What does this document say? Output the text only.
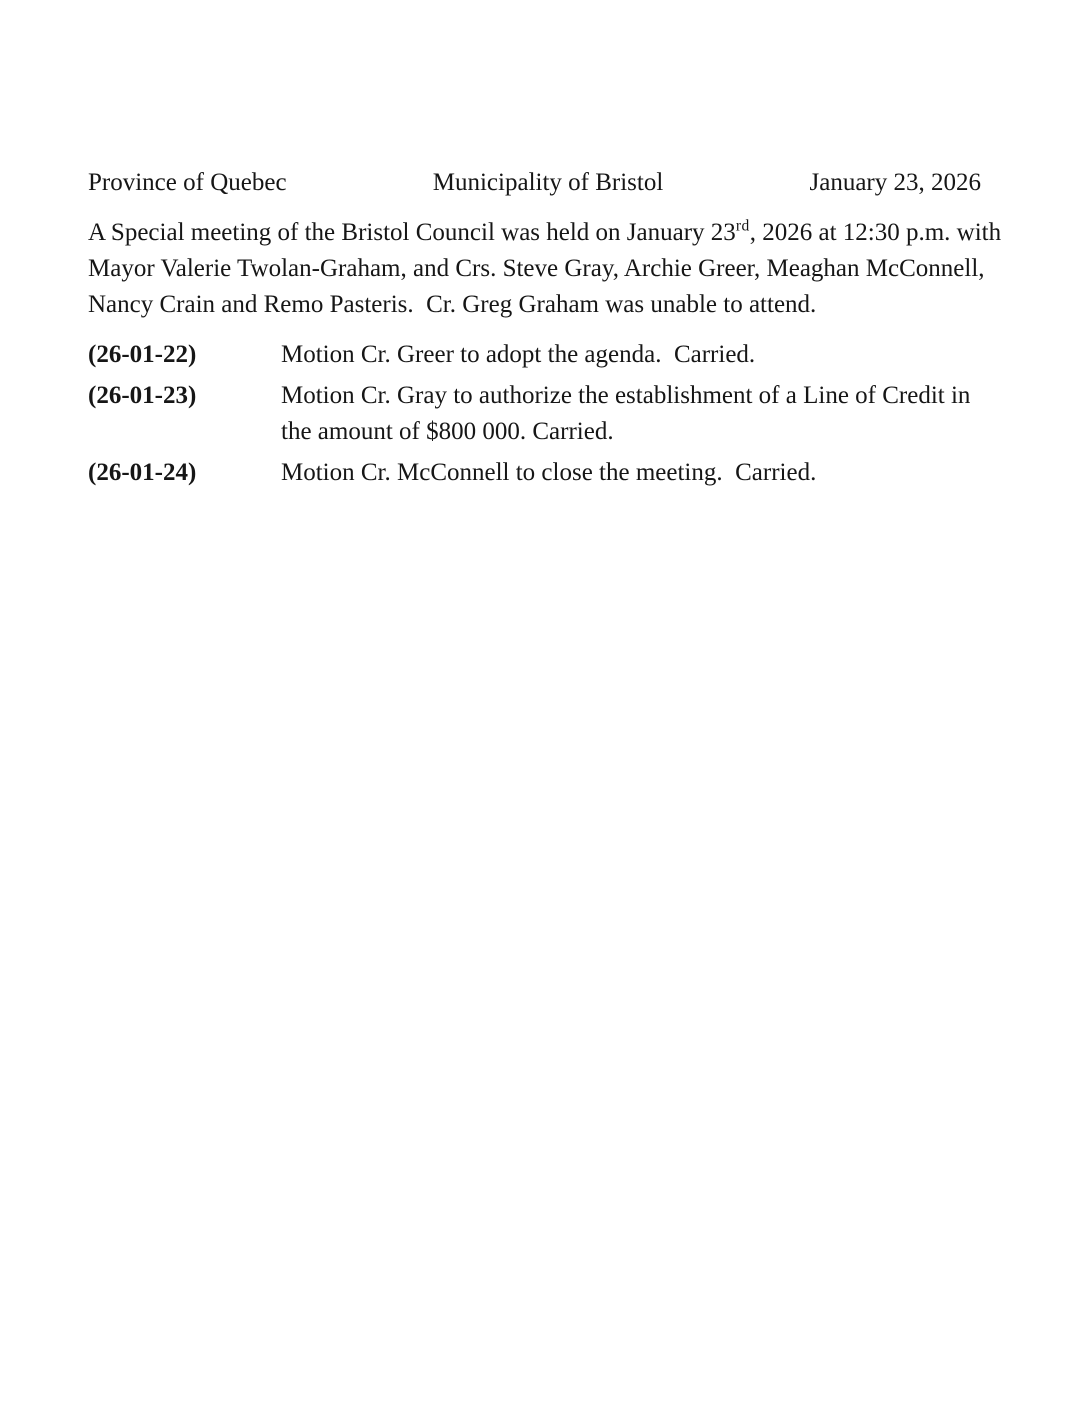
Province of Quebec	Municipality of Bristol	January 23, 2026

A Special meeting of the Bristol Council was held on January 23rd, 2026 at 12:30 p.m. with Mayor Valerie Twolan-Graham, and Crs. Steve Gray, Archie Greer, Meaghan McConnell, Nancy Crain and Remo Pasteris.  Cr. Greg Graham was unable to attend.

(26-01-22)	Motion Cr. Greer to adopt the agenda.  Carried.
(26-01-23)	Motion Cr. Gray to authorize the establishment of a Line of Credit in the amount of $800 000. Carried.
(26-01-24)	Motion Cr. McConnell to close the meeting.  Carried.
